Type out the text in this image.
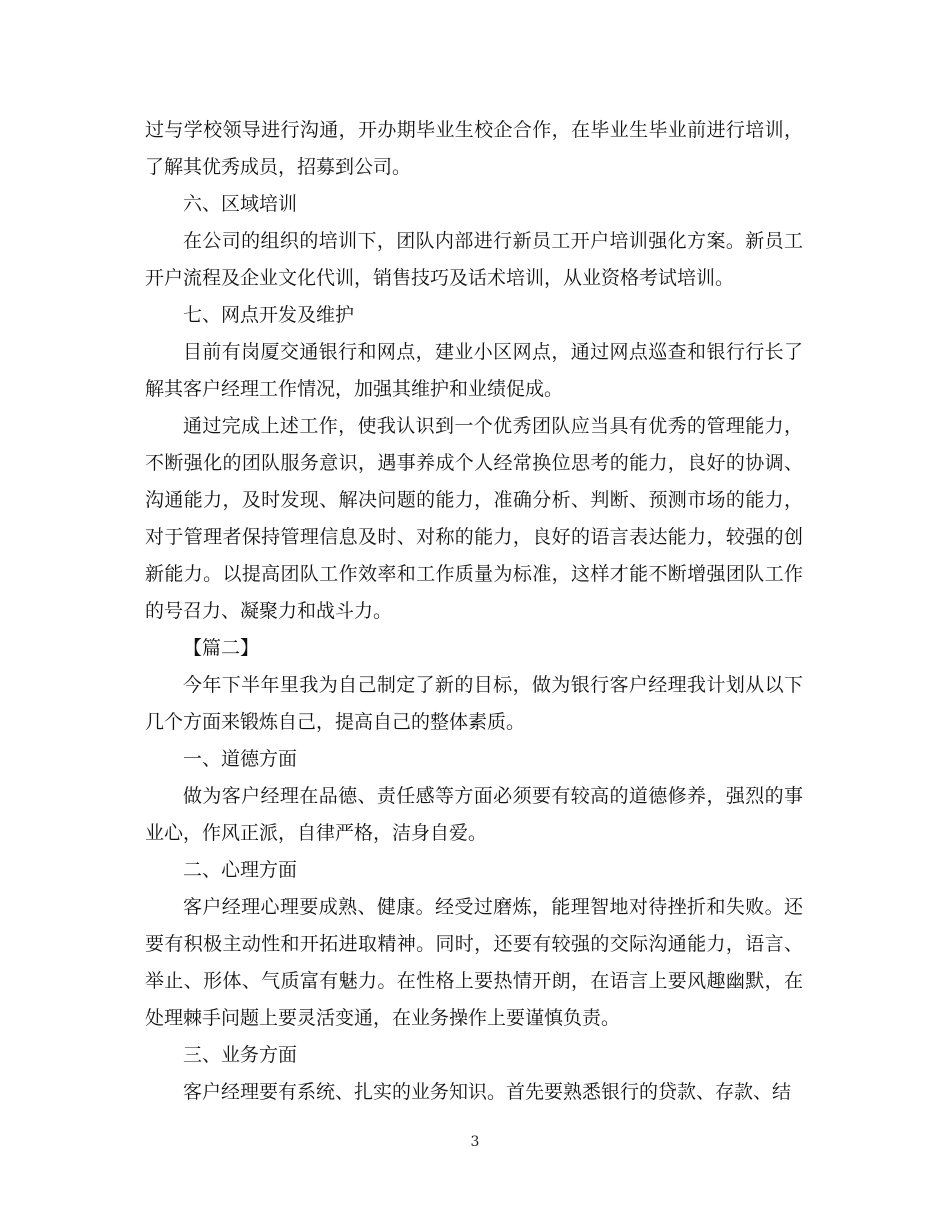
过与学校领导进行沟通，开办期毕业生校企合作，在毕业生毕业前进行培训，了解其优秀成员，招募到公司。

六、区域培训

在公司的组织的培训下，团队内部进行新员工开户培训强化方案。新员工开户流程及企业文化代训，销售技巧及话术培训，从业资格考试培训。

七、网点开发及维护

目前有岗厦交通银行和网点，建业小区网点，通过网点巡查和银行行长了解其客户经理工作情况，加强其维护和业绩促成。

通过完成上述工作，使我认识到一个优秀团队应当具有优秀的管理能力，不断强化的团队服务意识，遇事养成个人经常换位思考的能力，良好的协调、沟通能力，及时发现、解决问题的能力，准确分析、判断、预测市场的能力，对于管理者保持管理信息及时、对称的能力，良好的语言表达能力，较强的创新能力。以提高团队工作效率和工作质量为标准，这样才能不断增强团队工作的号召力、凝聚力和战斗力。

【篇二】

今年下半年里我为自己制定了新的目标，做为银行客户经理我计划从以下几个方面来锻炼自己，提高自己的整体素质。

一、道德方面

做为客户经理在品德、责任感等方面必须要有较高的道德修养，强烈的事业心，作风正派，自律严格，洁身自爱。

二、心理方面

客户经理心理要成熟、健康。经受过磨炼，能理智地对待挫折和失败。还要有积极主动性和开拓进取精神。同时，还要有较强的交际沟通能力，语言、举止、形体、气质富有魅力。在性格上要热情开朗，在语言上要风趣幽默，在处理棘手问题上要灵活变通，在业务操作上要谨慎负责。

三、业务方面

客户经理要有系统、扎实的业务知识。首先要熟悉银行的贷款、存款、结

3
